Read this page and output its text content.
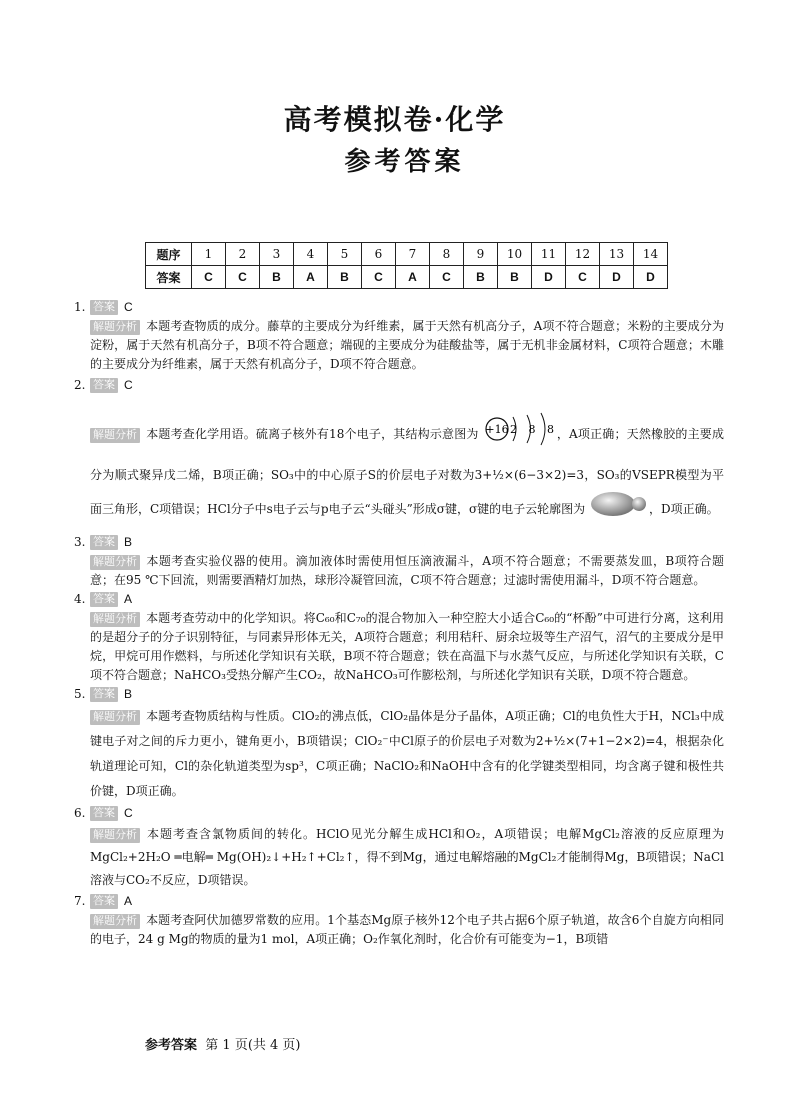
高考模拟卷·化学
参考答案
题序	1	2	3	4	5	6	7	8	9	10	11	12	13	14
答案	C	C	B	A	B	C	A	C	B	B	D	C	D	D
1. 答案 C
解题分析 本题考查物质的成分。藤草的主要成分为纤维素，属于天然有机高分子，A项不符合题意；米粉的主要成分为淀粉，属于天然有机高分子，B项不符合题意；端砚的主要成分为硅酸盐等，属于无机非金属材料，C项符合题意；木雕的主要成分为纤维素，属于天然有机高分子，D项不符合题意。
2. 答案 C
解题分析 本题考查化学用语。硫离子核外有18个电子，其结构示意图为 +16 2 8 8 ，A项正确；天然橡胶的主要成分为顺式聚异戊二烯，B项正确；SO₃中的中心原子S的价层电子对数为3+½×(6−3×2)=3，SO₃的VSEPR模型为平面三角形，C项错误；HCl分子中s电子云与p电子云“头碰头”形成σ键，σ键的电子云轮廓图为	，D项正确。
3. 答案 B
解题分析 本题考查实验仪器的使用。滴加液体时需使用恒压滴液漏斗，A项不符合题意；不需要蒸发皿，B项符合题意；在95 ℃下回流，则需要酒精灯加热，球形冷凝管回流，C项不符合题意；过滤时需使用漏斗，D项不符合题意。
4. 答案 A
解题分析 本题考查劳动中的化学知识。将C₆₀和C₇₀的混合物加入一种空腔大小适合C₆₀的“杯酚”中可进行分离，这利用的是超分子的分子识别特征，与同素异形体无关，A项符合题意；利用秸秆、厨余垃圾等生产沼气，沼气的主要成分是甲烷，甲烷可用作燃料，与所述化学知识有关联，B项不符合题意；铁在高温下与水蒸气反应，与所述化学知识有关联，C项不符合题意；NaHCO₃受热分解产生CO₂，故NaHCO₃可作膨松剂，与所述化学知识有关联，D项不符合题意。
5. 答案 B
解题分析 本题考查物质结构与性质。ClO₂的沸点低，ClO₂晶体是分子晶体，A项正确；Cl的电负性大于H，NCl₃中成键电子对之间的斥力更小，键角更小，B项错误；ClO₂⁻中Cl原子的价层电子对数为2+½×(7+1−2×2)=4，根据杂化轨道理论可知，Cl的杂化轨道类型为sp³，C项正确；NaClO₂和NaOH中含有的化学键类型相同，均含离子键和极性共价键，D项正确。
6. 答案 C
解题分析 本题考查含氯物质间的转化。HClO见光分解生成HCl和O₂，A项错误；电解MgCl₂溶液的反应原理为MgCl₂+2H₂O ═电解═ Mg(OH)₂↓+H₂↑+Cl₂↑，得不到Mg，通过电解熔融的MgCl₂才能制得Mg，B项错误；NaCl溶液与CO₂不反应，D项错误。
7. 答案 A
解题分析 本题考查阿伏加德罗常数的应用。1个基态Mg原子核外12个电子共占据6个原子轨道，故含6个自旋方向相同的电子，24 g Mg的物质的量为1 mol，A项正确；O₂作氧化剂时，化合价有可能变为−1，B项错
参考答案 第 1 页(共 4 页)
